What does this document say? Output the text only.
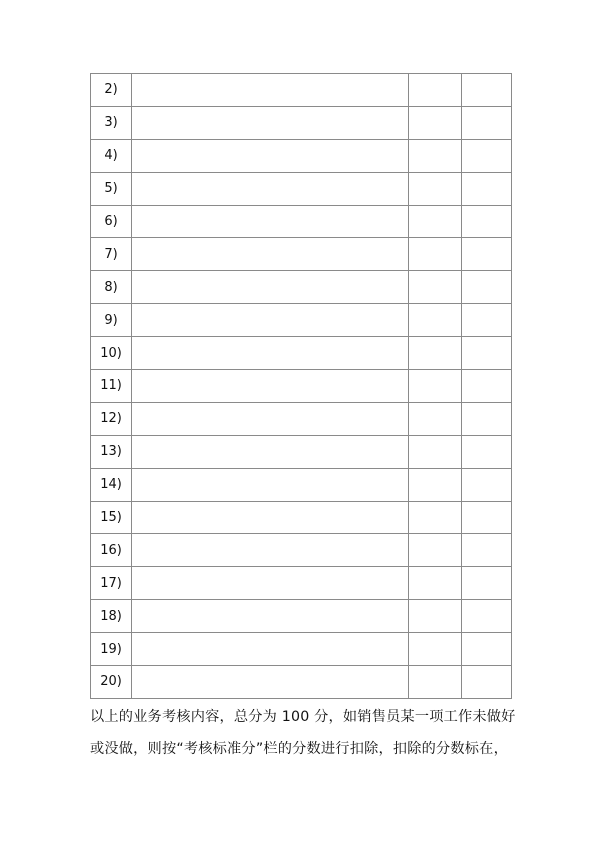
2)			
3)			
4)			
5)			
6)			
7)			
8)			
9)			
10)			
11)			
12)			
13)			
14)			
15)			
16)			
17)			
18)			
19)			
20)			
以上的业务考核内容，总分为 100 分，如销售员某一项工作未做好
或没做，则按“考核标准分”栏的分数进行扣除，扣除的分数标在，
